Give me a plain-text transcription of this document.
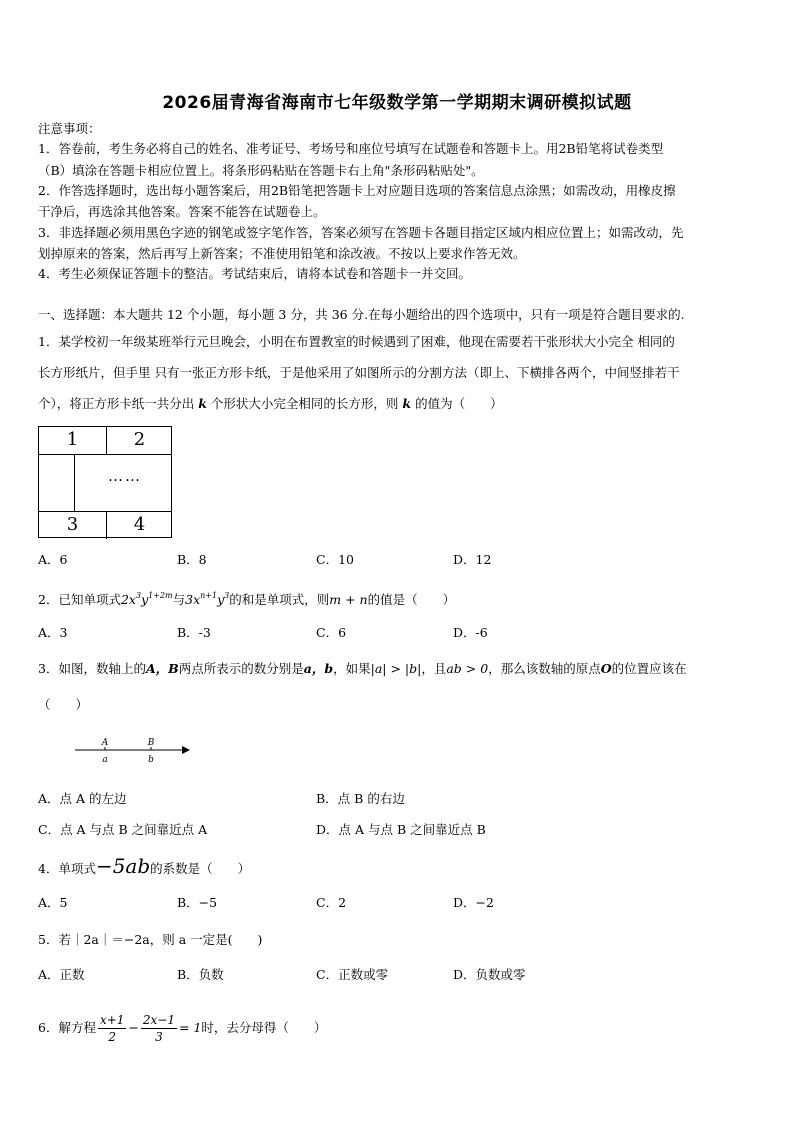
2026届青海省海南市七年级数学第一学期期末调研模拟试题
注意事项：
1．答卷前，考生务必将自己的姓名、准考证号、考场号和座位号填写在试题卷和答题卡上。用2B铅笔将试卷类型
（B）填涂在答题卡相应位置上。将条形码粘贴在答题卡右上角"条形码粘贴处"。
2．作答选择题时，选出每小题答案后，用2B铅笔把答题卡上对应题目选项的答案信息点涂黑；如需改动，用橡皮擦
干净后，再选涂其他答案。答案不能答在试题卷上。
3．非选择题必须用黑色字迹的钢笔或签字笔作答，答案必须写在答题卡各题目指定区域内相应位置上；如需改动，先
划掉原来的答案，然后再写上新答案；不准使用铅笔和涂改液。不按以上要求作答无效。
4．考生必须保证答题卡的整洁。考试结束后，请将本试卷和答题卡一并交回。
一、选择题：本大题共 12 个小题，每小题 3 分，共 36 分.在每小题给出的四个选项中，只有一项是符合题目要求的.
1．某学校初一年级某班举行元旦晚会，小明在布置教室的时候遇到了困难，他现在需要若干张形状大小完全 相同的
长方形纸片，但手里 只有一张正方形卡纸，于是他采用了如图所示的分割方法（即上、下横排各两个，中间竖排若干
个），将正方形卡纸一共分出 k 个形状大小完全相同的长方形，则 k 的值为（　　）
1	2
3	4
……
A．6	B．8	C．10	D．12
2．已知单项式$2x^3y^{1+2m}$与$3x^{n+1}y^3$的和是单项式，则m + n的值是（　　）
A．3	B．-3	C．6	D．-6
3．如图，数轴上的A，B两点所表示的数分别是a，b，如果|a| > |b|，且ab > 0，那么该数轴的原点O的位置应该在
（　　）
A
a
B
b
A．点 A 的左边	B．点 B 的右边
C．点 A 与点 B 之间靠近点 A	D．点 A 与点 B 之间靠近点 B
4．单项式−5ab的系数是（　　）
A．5	B．−5	C．2	D．−2
5．若｜2a｜＝−2a，则 a 一定是(　　)
A．正数	B．负数	C．正数或零	D．负数或零
6．解方程 $\frac{x+1}{2} - \frac{2x-1}{3} = 1$时，去分母得（　　）
